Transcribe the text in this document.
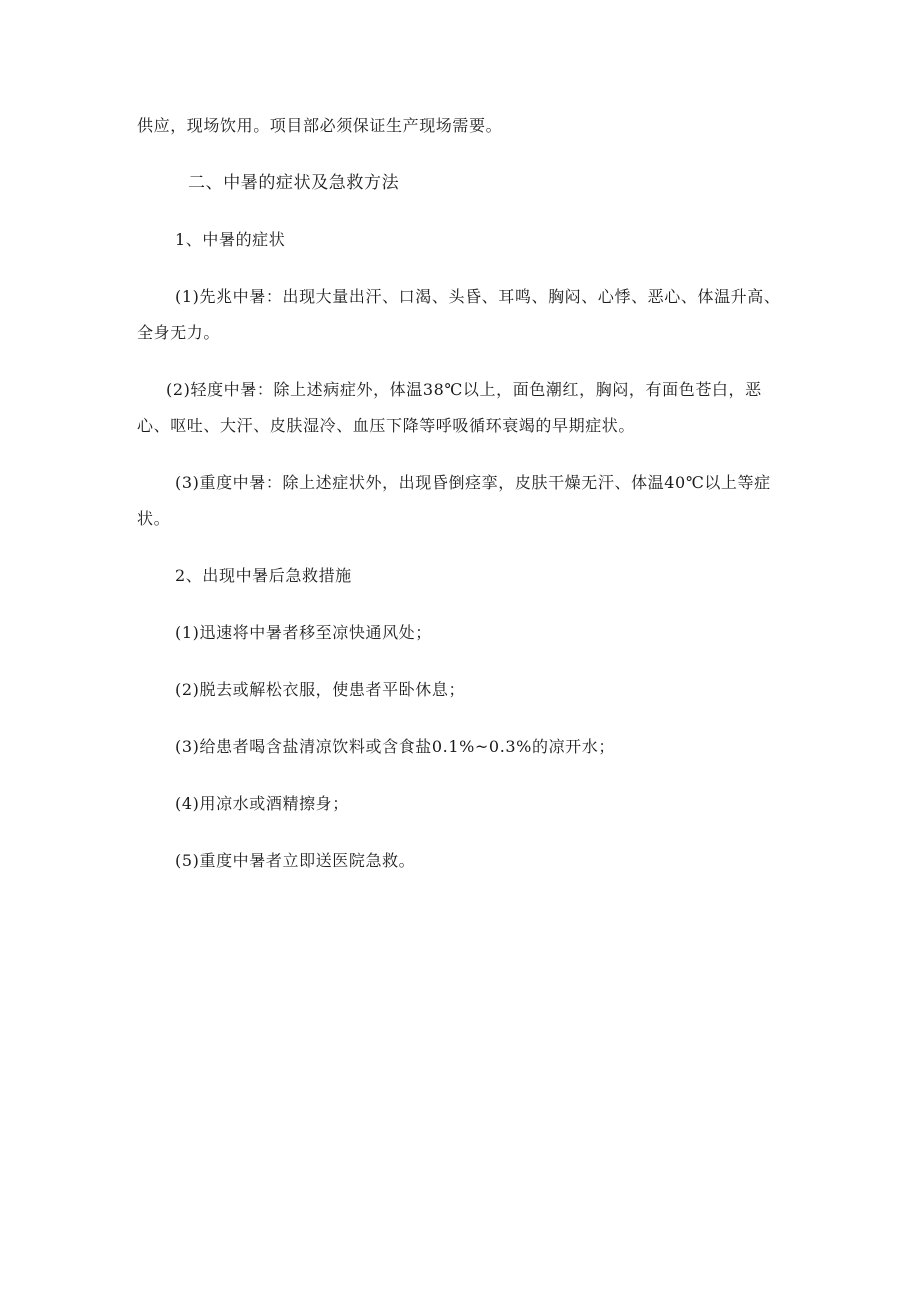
供应，现场饮用。项目部必须保证生产现场需要。
二、中暑的症状及急救方法
1、中暑的症状
(1)先兆中暑：出现大量出汗、口渴、头昏、耳鸣、胸闷、心悸、恶心、体温升高、
全身无力。
(2)轻度中暑：除上述病症外，体温38℃以上，面色潮红，胸闷，有面色苍白，恶
心、呕吐、大汗、皮肤湿冷、血压下降等呼吸循环衰竭的早期症状。
(3)重度中暑：除上述症状外，出现昏倒痉挛，皮肤干燥无汗、体温40℃以上等症
状。
2、出现中暑后急救措施
(1)迅速将中暑者移至凉快通风处；
(2)脱去或解松衣服，使患者平卧休息；
(3)给患者喝含盐清凉饮料或含食盐0.1%~0.3%的凉开水；
(4)用凉水或酒精擦身；
(5)重度中暑者立即送医院急救。
